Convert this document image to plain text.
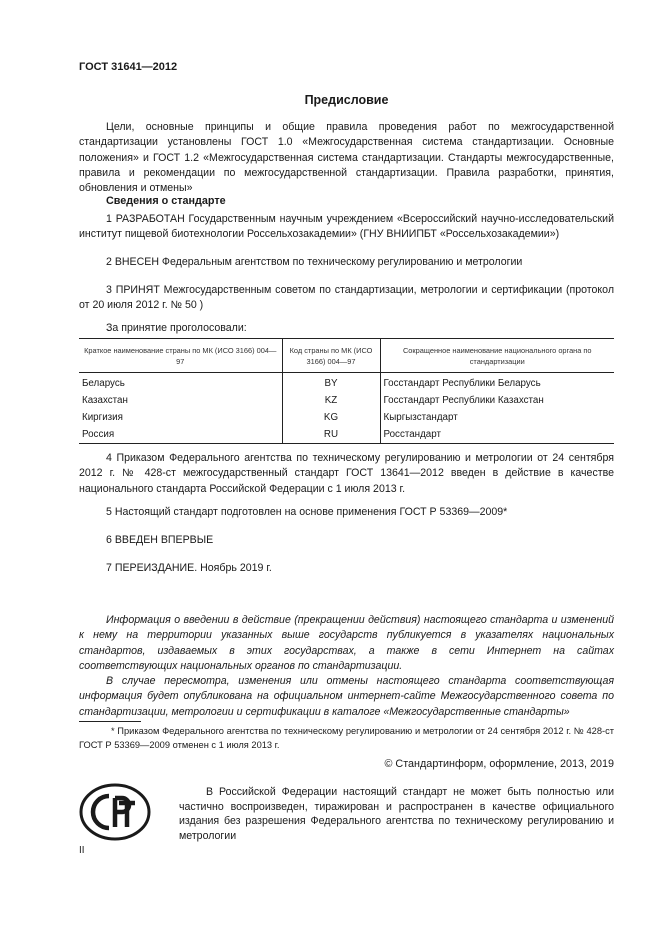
ГОСТ 31641—2012
Предисловие

Цели, основные принципы и общие правила проведения работ по межгосударственной стандартизации установлены ГОСТ 1.0 «Межгосударственная система стандартизации. Основные положения» и ГОСТ 1.2 «Межгосударственная система стандартизации. Стандарты межгосударственные, правила и рекомендации по межгосударственной стандартизации. Правила разработки, принятия, обновления и отмены»

Сведения о стандарте

1 РАЗРАБОТАН Государственным научным учреждением «Всероссийский научно-исследовательский институт пищевой биотехнологии Россельхозакадемии» (ГНУ ВНИИПБТ «Россельхозакадемии»)

2 ВНЕСЕН Федеральным агентством по техническому регулированию и метрологии

3 ПРИНЯТ Межгосударственным советом по стандартизации, метрологии и сертификации (протокол от 20 июля 2012 г. № 50 )

За принятие проголосовали:
Краткое наименование страны по МК (ИСО 3166) 004—97	Код страны по МК (ИСО 3166) 004—97	Сокращенное наименование национального органа по стандартизации
Беларусь	BY	Госстандарт Республики Беларусь
Казахстан	KZ	Госстандарт Республики Казахстан
Киргизия	KG	Кыргызстандарт
Россия	RU	Росстандарт

4 Приказом Федерального агентства по техническому регулированию и метрологии от 24 сентября 2012 г. № 428-ст межгосударственный стандарт ГОСТ 13641—2012 введен в действие в качестве национального стандарта Российской Федерации с 1 июля 2013 г.

5 Настоящий стандарт подготовлен на основе применения ГОСТ Р 53369—2009*

6 ВВЕДЕН ВПЕРВЫЕ

7 ПЕРЕИЗДАНИЕ. Ноябрь 2019 г.

Информация о введении в действие (прекращении действия) настоящего стандарта и изменений к нему на территории указанных выше государств публикуется в указателях национальных стандартов, издаваемых в этих государствах, а также в сети Интернет на сайтах соответствующих национальных органов по стандартизации.

В случае пересмотра, изменения или отмены настоящего стандарта соответствующая информация будет опубликована на официальном интернет-сайте Межгосударственного совета по стандартизации, метрологии и сертификации в каталоге «Межгосударственные стандарты»

* Приказом Федерального агентства по техническому регулированию и метрологии от 24 сентября 2012 г. № 428-ст ГОСТ Р 53369—2009 отменен с 1 июля 2013 г.

© Стандартинформ, оформление, 2013, 2019

В Российской Федерации настоящий стандарт не может быть полностью или частично воспроизведен, тиражирован и распространен в качестве официального издания без разрешения Федерального агентства по техническому регулированию и метрологии

II
